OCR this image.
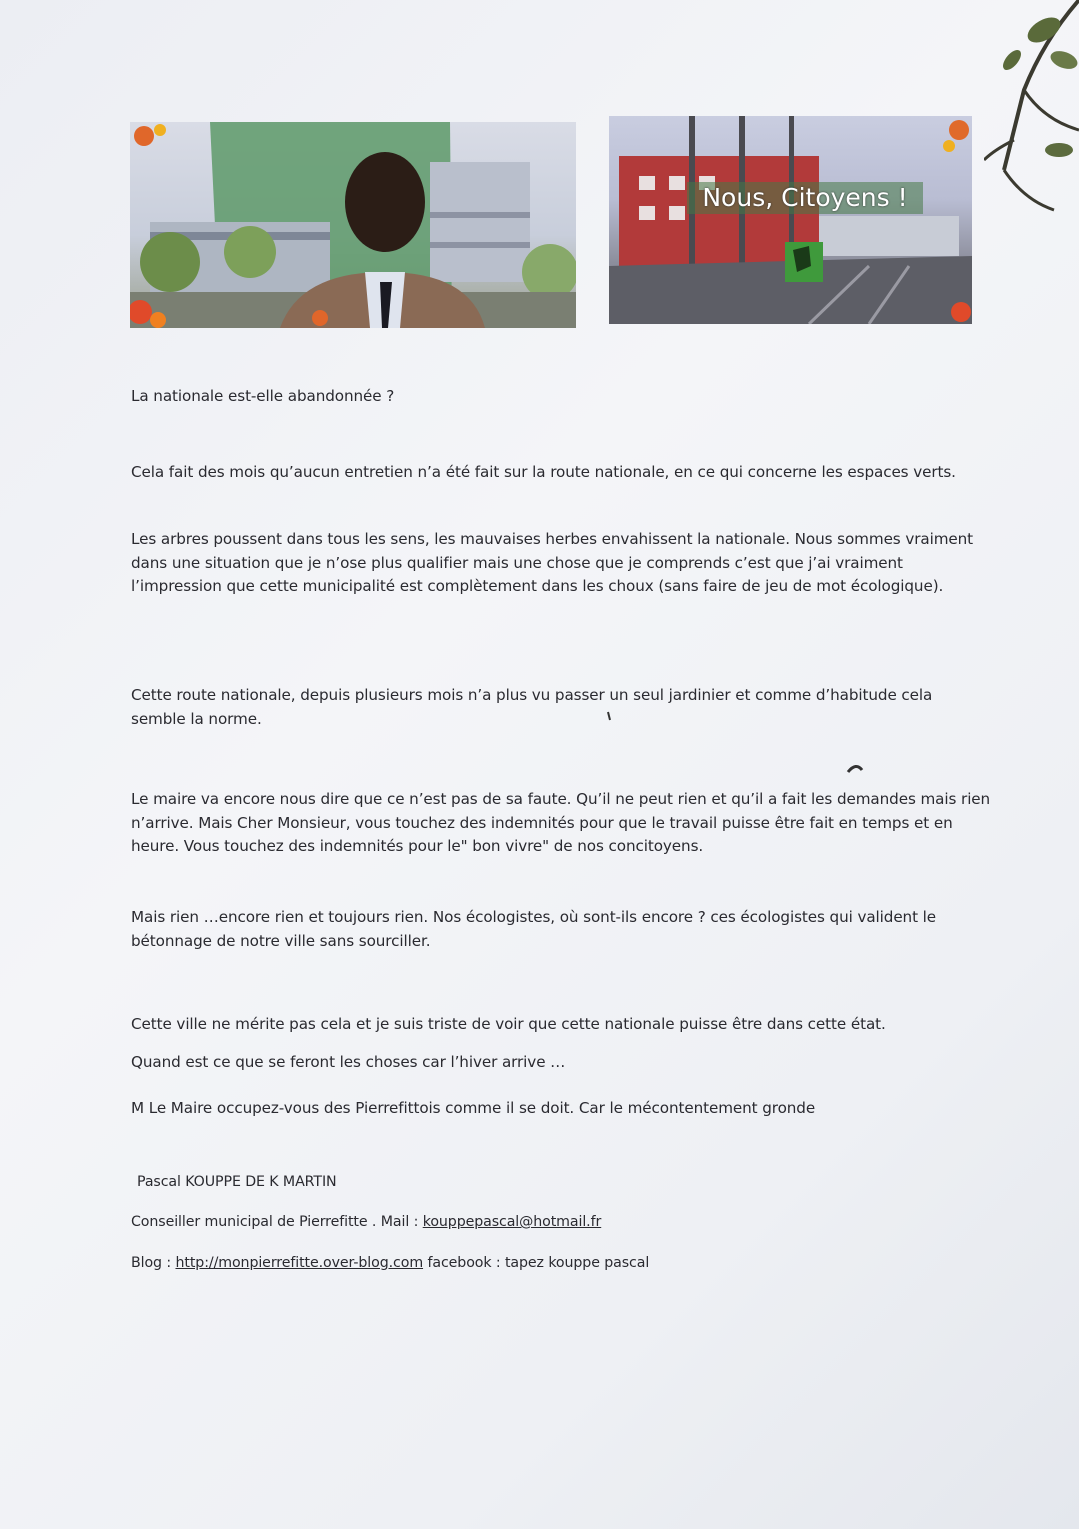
Nous, Citoyens !
La nationale est-elle abandonnée ?
Cela fait des mois qu’aucun entretien n’a été fait sur la route nationale, en ce qui concerne les espaces verts.
Les arbres poussent dans tous les sens, les mauvaises herbes envahissent la nationale. Nous sommes vraiment dans une situation que je n’ose plus qualifier mais une chose que je comprends c’est que j’ai vraiment l’impression que cette municipalité est complètement dans les choux (sans faire de jeu de mot écologique).
Cette route nationale, depuis plusieurs mois n’a plus vu passer un seul jardinier et comme d’habitude cela semble la norme.
Le maire va encore nous dire que ce n’est pas de sa faute. Qu’il ne peut rien et qu’il a fait les demandes mais rien n’arrive. Mais Cher Monsieur, vous touchez des indemnités pour que le travail puisse être fait en temps et en heure. Vous touchez des indemnités pour le" bon vivre" de nos concitoyens.
Mais rien …encore rien et toujours rien. Nos écologistes, où sont-ils encore ? ces écologistes qui valident le bétonnage de notre ville sans sourciller.
Cette ville ne mérite pas cela et je suis triste de voir que cette nationale puisse être dans cette état.
Quand est ce que se feront les choses car l’hiver arrive …
M Le Maire occupez-vous des Pierrefittois comme il se doit. Car le mécontentement gronde
Pascal KOUPPE DE K MARTIN
Conseiller municipal de Pierrefitte . Mail : kouppepascal@hotmail.fr
Blog : http://monpierrefitte.over-blog.com facebook : tapez kouppe pascal
